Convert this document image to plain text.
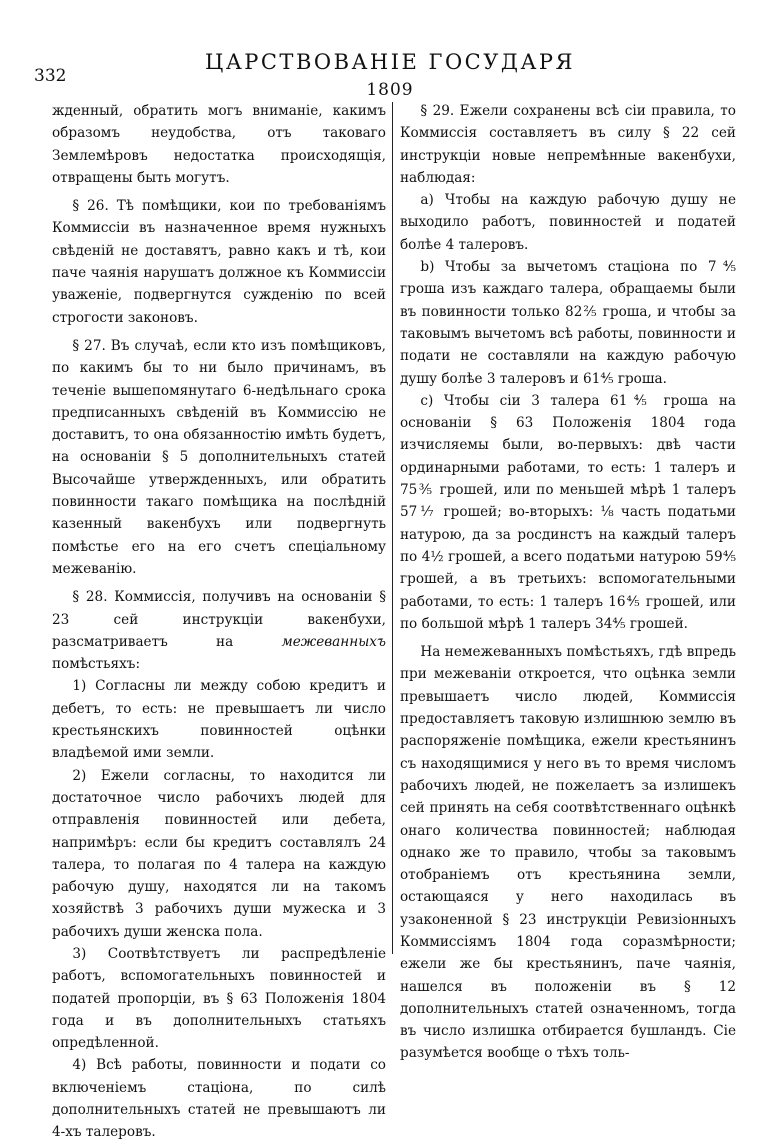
332
ЦАРСТВОВАНІЕ ГОСУДАРЯ
1809

жденный, обратить могъ вниманіе, какимъ образомъ неудобства, отъ таковаго Землемѣровъ недостатка происходящія, отвращены быть могутъ.

§ 26. Тѣ помѣщики, кои по требованіямъ Коммиссіи въ назначенное время нужныхъ свѣденій не доставятъ, равно какъ и тѣ, кои паче чаянія нарушатъ должное къ Коммиссіи уваженіе, подвергнутся сужденію по всей строгости законовъ.

§ 27. Въ случаѣ, если кто изъ помѣщиковъ, по какимъ бы то ни было причинамъ, въ теченіе вышепомянутаго 6-недѣльнаго срока предписанныхъ свѣденій въ Коммиссію не доставитъ, то она обязанностію имѣть будетъ, на основаніи § 5 дополнительныхъ статей Высочайше утвержденныхъ, или обратить повинности такаго помѣщика на послѣдній казенный вакенбухъ или подвергнуть помѣстье его на его счетъ спеціальному межеванію.

§ 28. Коммиссія, получивъ на основаніи § 23 сей инструкціи вакенбухи, разсматриваетъ на межеванныхъ помѣстьяхъ:

1) Согласны ли между собою кредитъ и дебетъ, то есть: не превышаетъ ли число крестьянскихъ повинностей оцѣнки владѣемой ими земли.

2) Ежели согласны, то находится ли достаточное число рабочихъ людей для отправленія повинностей или дебета, напримѣръ: если бы кредитъ составлялъ 24 талера, то полагая по 4 талера на каждую рабочую душу, находятся ли на такомъ хозяйствѣ 3 рабочихъ души мужеска и 3 рабочихъ души женска пола.

3) Соотвѣтствуетъ ли распредѣленіе работъ, вспомогательныхъ повинностей и податей пропорціи, въ § 63 Положенія 1804 года и въ дополнительныхъ статьяхъ опредѣленной.

4) Всѣ работы, повинности и подати со включеніемъ стаціона, по силѣ дополнительныхъ статей не превышаютъ ли 4-хъ талеровъ.

§ 29. Ежели сохранены всѣ сіи правила, то Коммиссія составляетъ въ силу § 22 сей инструкціи новые непремѣнные вакенбухи, наблюдая:

a) Чтобы на каждую рабочую душу не выходило работъ, повинностей и податей болѣе 4 талеровъ.

b) Чтобы за вычетомъ стаціона по 7⅘ гроша изъ каждаго талера, обращаемы были въ повинности только 82⅖ гроша, и чтобы за таковымъ вычетомъ всѣ работы, повинности и подати не составляли на каждую рабочую душу болѣе 3 талеровъ и 61⅘ гроша.

c) Чтобы сіи 3 талера 61⅘ гроша на основаніи § 63 Положенія 1804 года изчисляемы были, во-первыхъ: двѣ части ординарными работами, то есть: 1 талеръ и 75⅗ грошей, или по меньшей мѣрѣ 1 талеръ 57⅐ грошей; во-вторыхъ: ⅛ часть податьми натурою, да за росдинстъ на каждый талеръ по 4½ грошей, а всего податьми натурою 59⅘ грошей, а въ третьихъ: вспомогательными работами, то есть: 1 талеръ 16⅘ грошей, или по большой мѣрѣ 1 талеръ 34⅘ грошей.

На немежеванныхъ помѣстьяхъ, гдѣ впредь при межеваніи откроется, что оцѣнка земли превышаетъ число людей, Коммиссія предоставляетъ таковую излишнюю землю въ распоряженіе помѣщика, ежели крестьянинъ съ находящимися у него въ то время числомъ рабочихъ людей, не пожелаетъ за излишекъ сей принять на себя соотвѣтственнаго оцѣнкѣ онаго количества повинностей; наблюдая однако же то правило, чтобы за таковымъ отобраніемъ отъ крестьянина земли, остающаяся у него находилась въ узаконенной § 23 инструкціи Ревизіонныхъ Коммиссіямъ 1804 года соразмѣрности; ежели же бы крестьянинъ, паче чаянія, нашелся въ положеніи въ § 12 дополнительныхъ статей означенномъ, тогда въ число излишка отбирается бушландъ. Сіе разумѣется вообще о тѣхъ толь-
